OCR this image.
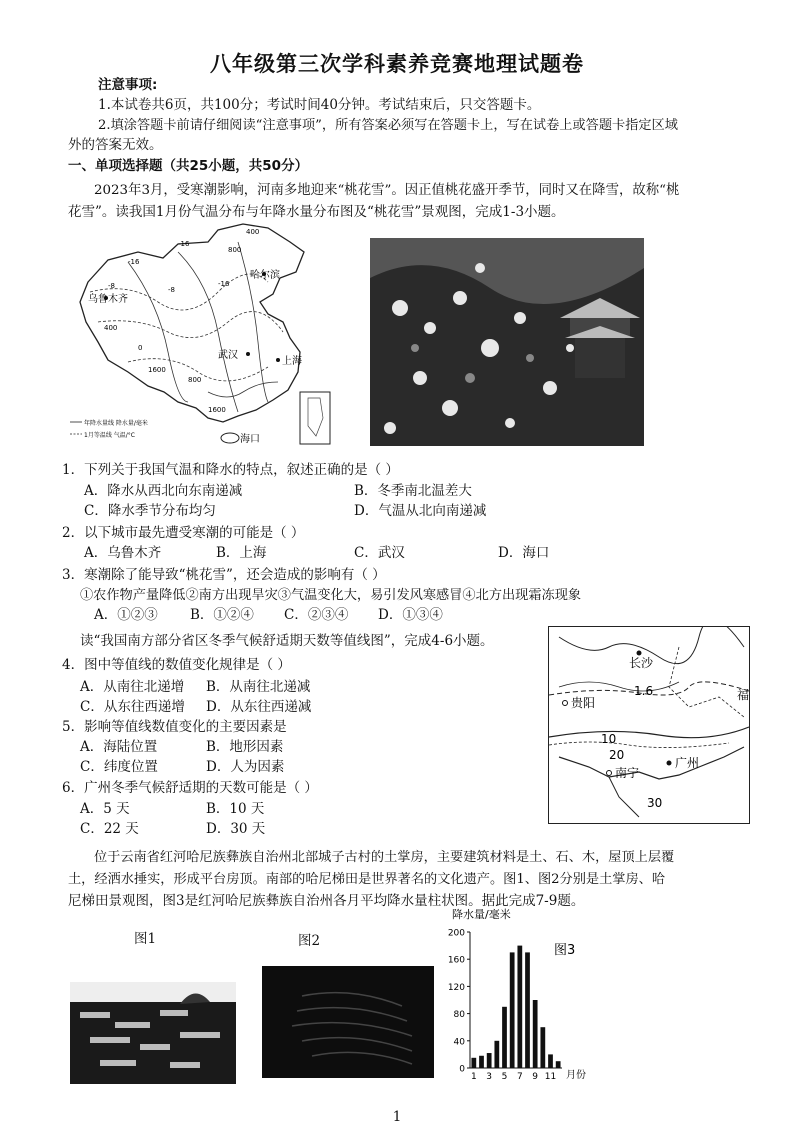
八年级第三次学科素养竞赛地理试题卷
注意事项:
1.本试卷共6页，共100分；考试时间40分钟。考试结束后，只交答题卡。
2.填涂答题卡前请仔细阅读“注意事项”，所有答案必须写在答题卡上，写在试卷上或答题卡指定区域
外的答案无效。
一、单项选择题（共25小题，共50分）
2023年3月，受寒潮影响，河南多地迎来“桃花雪”。因正值桃花盛开季节，同时又在降雪，故称“桃
花雪”。读我国1月份气温分布与年降水量分布图及“桃花雪”景观图，完成1-3小题。
乌鲁木齐
哈尔滨
武汉
上海
海口
-16
-16
-8	-8
-16
0
400
800
1600
1600
400
800
年降水量线 降水量/毫米
1月等温线 气温/°C
1．下列关于我国气温和降水的特点，叙述正确的是（ ）
A．降水从西北向东南递减	B．冬季南北温差大
C．降水季节分布均匀	D．气温从北向南递减
2．以下城市最先遭受寒潮的可能是（ ）
A．乌鲁木齐	B．上海	C．武汉	D．海口
3．寒潮除了能导致“桃花雪”，还会造成的影响有（ ）
①农作物产量降低②南方出现旱灾③气温变化大，易引发风寒感冒④北方出现霜冻现象
A．①②③ B．①②④ C．②③④ D．①③④
读“我国南方部分省区冬季气候舒适期天数等值线图”，完成4-6小题。
长沙
贵阳
南宁
广州
1.6
10
20
30
福
4．图中等值线的数值变化规律是（ ）
A．从南往北递增 B．从南往北递减
C．从东往西递增 D．从东往西递减
5．影响等值线数值变化的主要因素是
A．海陆位置	B．地形因素
C．纬度位置	D．人为因素
6．广州冬季气候舒适期的天数可能是（ ）
A．5 天	B．10 天
C．22 天	D．30 天
位于云南省红河哈尼族彝族自治州北部城子古村的土掌房，主要建筑材料是土、石、木，屋顶上层覆
土，经洒水捶实，形成平台房顶。南部的哈尼梯田是世界著名的文化遗产。图1、图2分别是土掌房、哈
尼梯田景观图，图3是红河哈尼族彝族自治州各月平均降水量柱状图。据此完成7-9题。
图1	图2
降水量/毫米
图3
月份
0
40
80
120
160
200
1 3 5 7 9 11
1
